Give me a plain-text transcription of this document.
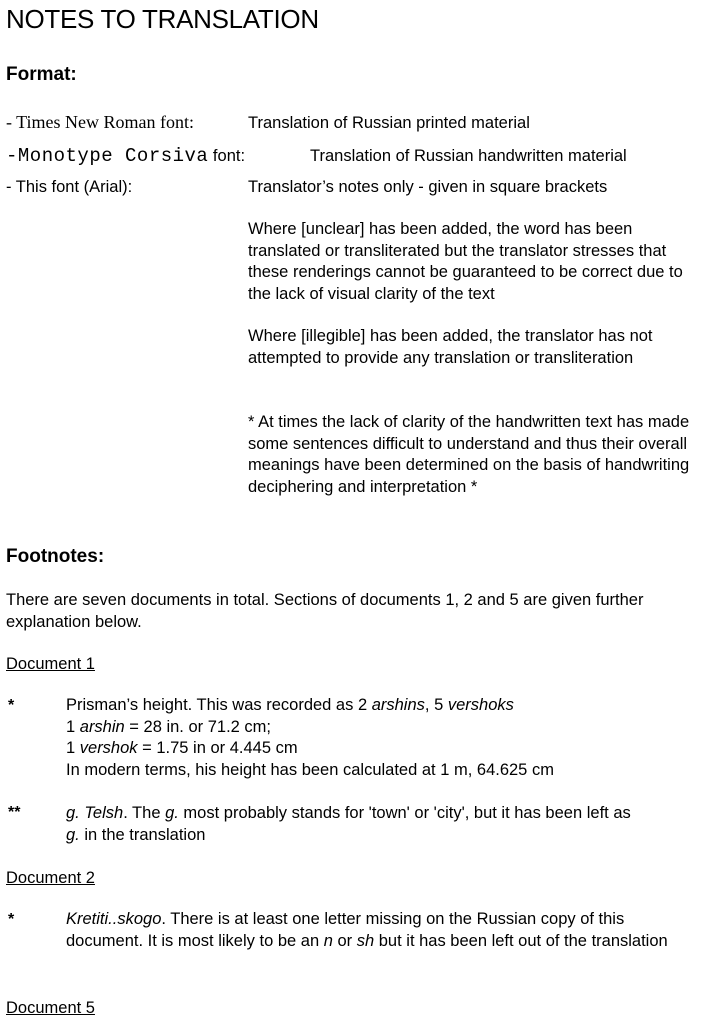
NOTES TO TRANSLATION
Format:
- Times New Roman font:	Translation of Russian printed material
-Monotype Corsiva font:	Translation of Russian handwritten material
- This font (Arial):	Translator’s notes only - given in square brackets
Where [unclear] has been added, the word has been translated or transliterated but the translator stresses that these renderings cannot be guaranteed to be correct due to the lack of visual clarity of the text
Where [illegible] has been added, the translator has not attempted to provide any translation or transliteration
* At times the lack of clarity of the handwritten text has made some sentences difficult to understand and thus their overall meanings have been determined on the basis of handwriting deciphering and interpretation *
Footnotes:
There are seven documents in total. Sections of documents 1, 2 and 5 are given further explanation below.
Document 1
*	Prisman’s height. This was recorded as 2 arshins, 5 vershoks
1 arshin = 28 in. or 71.2 cm;
1 vershok = 1.75 in or 4.445 cm
In modern terms, his height has been calculated at 1 m, 64.625 cm
**	g. Telsh. The g. most probably stands for 'town' or 'city', but it has been left as
g. in the translation
Document 2
*	Kretiti..skogo. There is at least one letter missing on the Russian copy of this document. It is most likely to be an n or sh but it has been left out of the translation
Document 5
